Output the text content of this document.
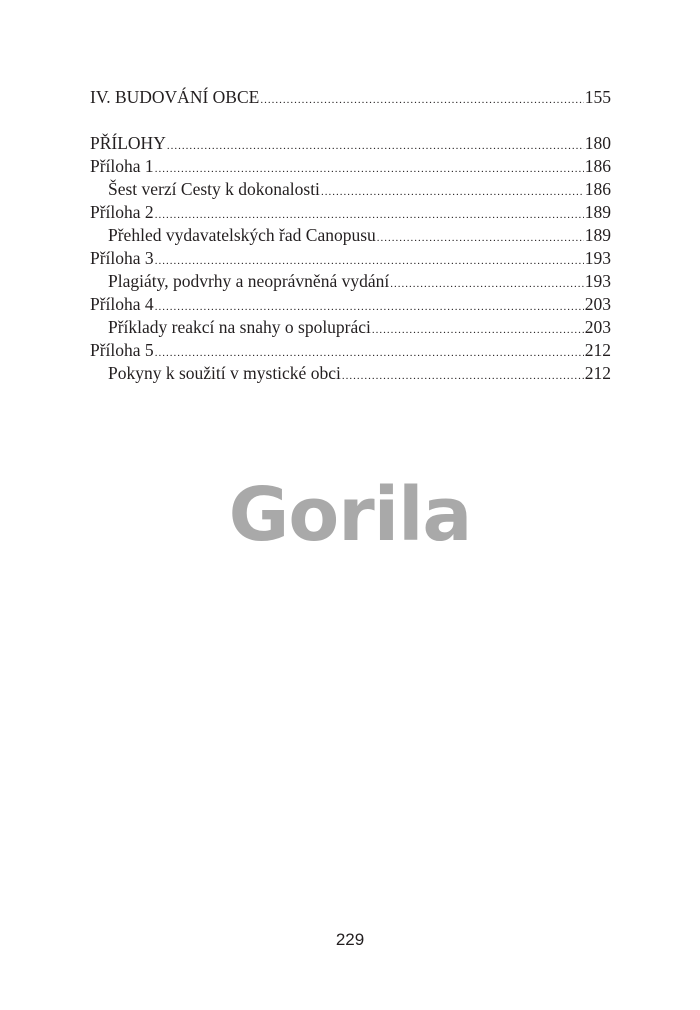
IV. BUDOVÁNÍ OBCE .....	155
PŘÍLOHY .....	180
Příloha 1 .....	186
Šest verzí Cesty k dokonalosti .....	186
Příloha 2 .....	189
Přehled vydavatelských řad Canopusu .....	189
Příloha 3 .....	193
Plagiáty, podvrhy a neoprávněná vydání .....	193
Příloha 4 .....	203
Příklady reakcí na snahy o spolupráci .....	203
Příloha 5 .....	212
Pokyny k soužití v mystické obci .....	212
Gorila
229
